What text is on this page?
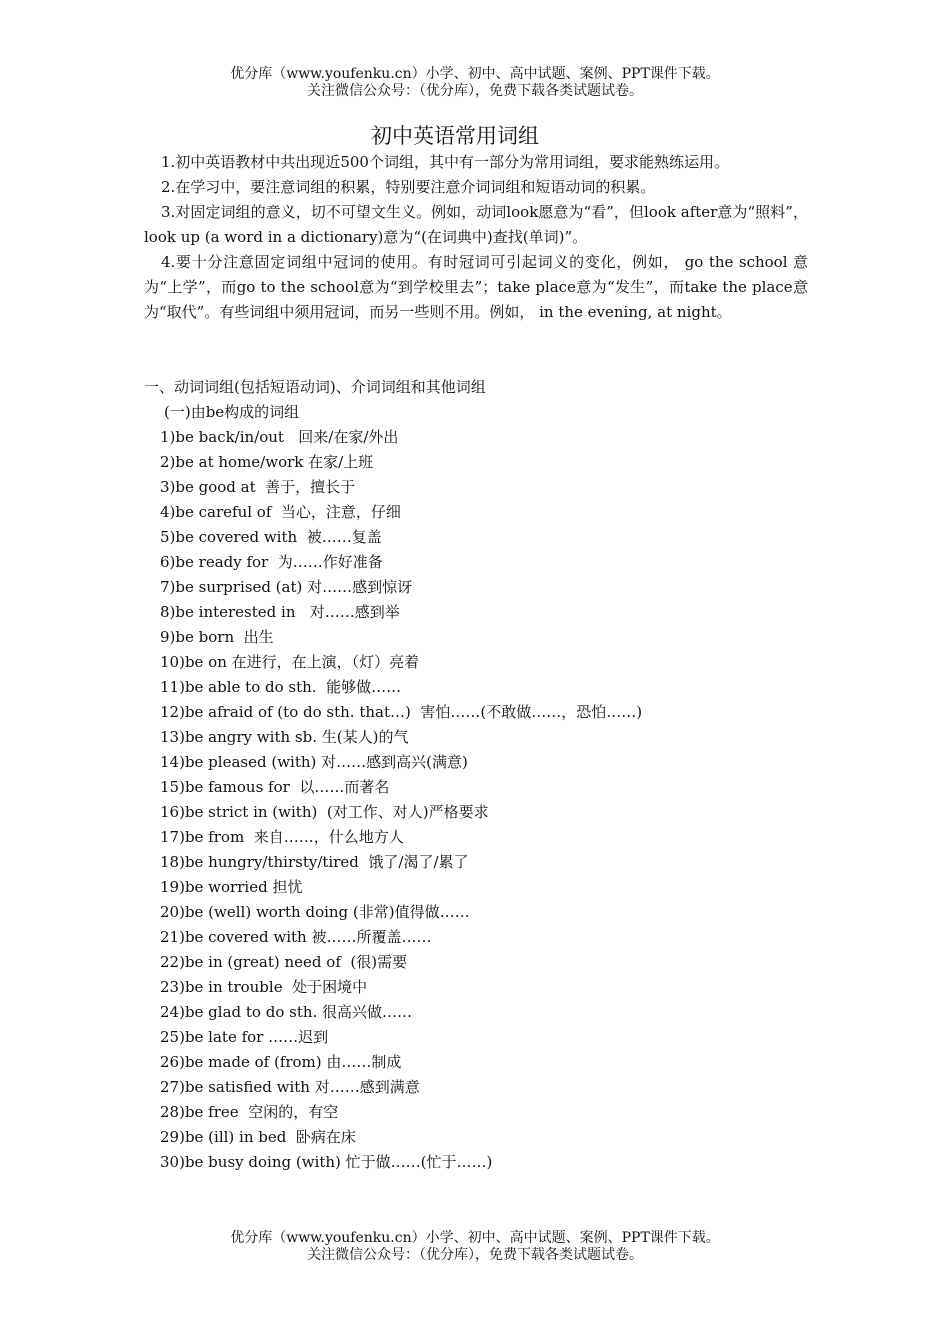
优分库（www.youfenku.cn）小学、初中、高中试题、案例、PPT课件下载。
关注微信公众号：（优分库），免费下载各类试题试卷。
初中英语常用词组

1.初中英语教材中共出现近500个词组，其中有一部分为常用词组，要求能熟练运用。

2.在学习中，要注意词组的积累，特别要注意介词词组和短语动词的积累。

3.对固定词组的意义，切不可望文生义。例如，动词look愿意为“看”，但look after意为“照料”，look up (a word in a dictionary)意为“(在词典中)查找(单词)”。

4.要十分注意固定词组中冠词的使用。有时冠词可引起词义的变化，例如， go the school 意为“上学”，而go to the school意为“到学校里去”；take place意为“发生”，而take the place意为“取代”。有些词组中须用冠词，而另一些则不用。例如， in the evening, at night。

一、动词词组(包括短语动词)、介词词组和其他词组

(一)由be构成的词组

1)be back/in/out   回来/在家/外出
2)be at home/work 在家/上班
3)be good at  善于，擅长于
4)be careful of  当心，注意，仔细
5)be covered with  被……复盖
6)be ready for  为……作好准备
7)be surprised (at) 对……感到惊讶
8)be interested in   对……感到举
9)be born  出生
10)be on 在进行，在上演，（灯）亮着
11)be able to do sth.  能够做……
12)be afraid of (to do sth. that…)  害怕……(不敢做……，恐怕……)
13)be angry with sb. 生(某人)的气
14)be pleased (with) 对……感到高兴(满意)
15)be famous for  以……而著名
16)be strict in (with)  (对工作、对人)严格要求
17)be from  来自……，什么地方人
18)be hungry/thirsty/tired  饿了/渴了/累了
19)be worried 担忧
20)be (well) worth doing (非常)值得做……
21)be covered with 被……所覆盖……
22)be in (great) need of  (很)需要
23)be in trouble  处于困境中
24)be glad to do sth. 很高兴做……
25)be late for ……迟到
26)be made of (from) 由……制成
27)be satisfied with 对……感到满意
28)be free  空闲的，有空
29)be (ill) in bed  卧病在床
30)be busy doing (with) 忙于做……(忙于……)
优分库（www.youfenku.cn）小学、初中、高中试题、案例、PPT课件下载。
关注微信公众号：（优分库），免费下载各类试题试卷。
